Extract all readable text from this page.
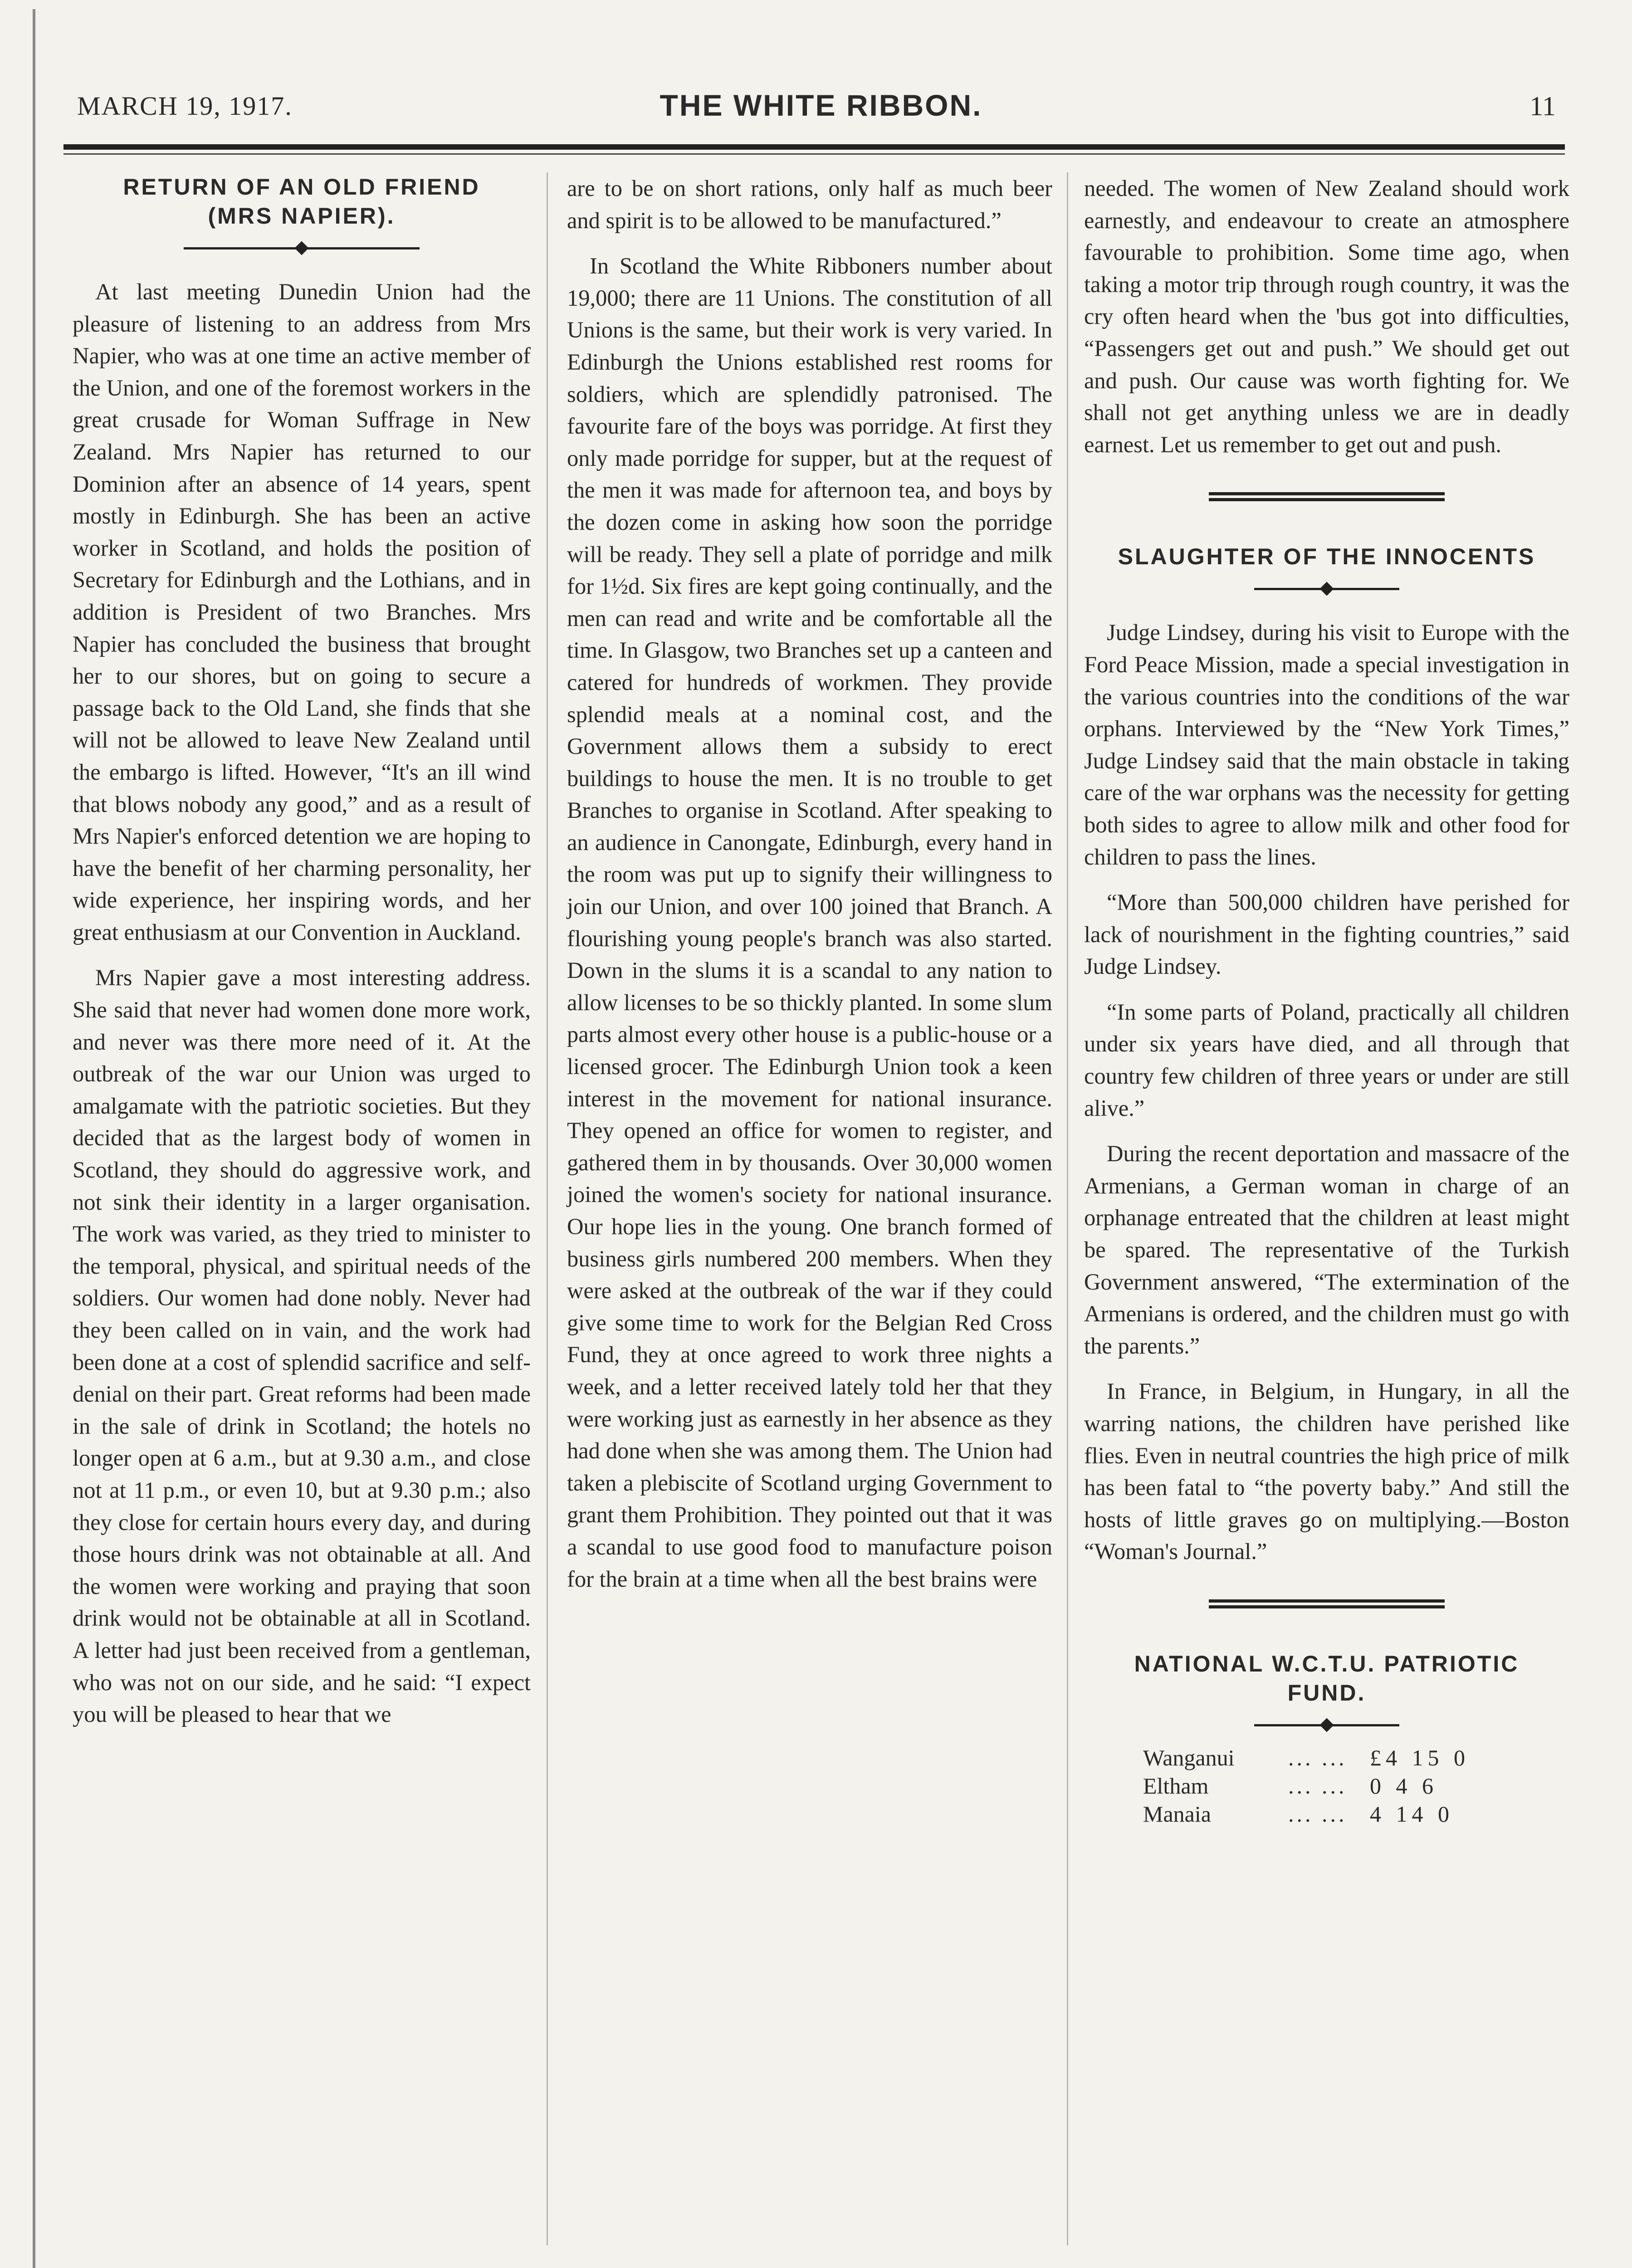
MARCH 19, 1917.	THE WHITE RIBBON.	11
RETURN OF AN OLD FRIEND
(MRS NAPIER).

At last meeting Dunedin Union had the pleasure of listening to an address from Mrs Napier, who was at one time an active member of the Union, and one of the foremost workers in the great crusade for Woman Suffrage in New Zealand. Mrs Napier has returned to our Dominion after an absence of 14 years, spent mostly in Edinburgh. She has been an active worker in Scotland, and holds the position of Secretary for Edinburgh and the Lothians, and in addition is President of two Branches. Mrs Napier has concluded the business that brought her to our shores, but on going to secure a passage back to the Old Land, she finds that she will not be allowed to leave New Zealand until the embargo is lifted. However, “It's an ill wind that blows nobody any good,” and as a result of Mrs Napier's enforced detention we are hoping to have the benefit of her charming personality, her wide experience, her inspiring words, and her great enthusiasm at our Convention in Auckland.

Mrs Napier gave a most interesting address. She said that never had women done more work, and never was there more need of it. At the outbreak of the war our Union was urged to amalgamate with the patriotic societies. But they decided that as the largest body of women in Scotland, they should do aggressive work, and not sink their identity in a larger organisation. The work was varied, as they tried to minister to the temporal, physical, and spiritual needs of the soldiers. Our women had done nobly. Never had they been called on in vain, and the work had been done at a cost of splendid sacrifice and self-denial on their part. Great reforms had been made in the sale of drink in Scotland; the hotels no longer open at 6 a.m., but at 9.30 a.m., and close not at 11 p.m., or even 10, but at 9.30 p.m.; also they close for certain hours every day, and during those hours drink was not obtainable at all. And the women were working and praying that soon drink would not be obtainable at all in Scotland. A letter had just been received from a gentleman, who was not on our side, and he said: “I expect you will be pleased to hear that we

are to be on short rations, only half as much beer and spirit is to be allowed to be manufactured.”

In Scotland the White Ribboners number about 19,000; there are 11 Unions. The constitution of all Unions is the same, but their work is very varied. In Edinburgh the Unions established rest rooms for soldiers, which are splendidly patronised. The favourite fare of the boys was porridge. At first they only made porridge for supper, but at the request of the men it was made for afternoon tea, and boys by the dozen come in asking how soon the porridge will be ready. They sell a plate of porridge and milk for 1½d. Six fires are kept going continually, and the men can read and write and be comfortable all the time. In Glasgow, two Branches set up a canteen and catered for hundreds of workmen. They provide splendid meals at a nominal cost, and the Government allows them a subsidy to erect buildings to house the men. It is no trouble to get Branches to organise in Scotland. After speaking to an audience in Canongate, Edinburgh, every hand in the room was put up to signify their willingness to join our Union, and over 100 joined that Branch. A flourishing young people's branch was also started. Down in the slums it is a scandal to any nation to allow licenses to be so thickly planted. In some slum parts almost every other house is a public-house or a licensed grocer. The Edinburgh Union took a keen interest in the movement for national insurance. They opened an office for women to register, and gathered them in by thousands. Over 30,000 women joined the women's society for national insurance. Our hope lies in the young. One branch formed of business girls numbered 200 members. When they were asked at the outbreak of the war if they could give some time to work for the Belgian Red Cross Fund, they at once agreed to work three nights a week, and a letter received lately told her that they were working just as earnestly in her absence as they had done when she was among them. The Union had taken a plebiscite of Scotland urging Government to grant them Prohibition. They pointed out that it was a scandal to use good food to manufacture poison for the brain at a time when all the best brains were

needed. The women of New Zealand should work earnestly, and endeavour to create an atmosphere favourable to prohibition. Some time ago, when taking a motor trip through rough country, it was the cry often heard when the 'bus got into difficulties, “Passengers get out and push.” We should get out and push. Our cause was worth fighting for. We shall not get anything unless we are in deadly earnest. Let us remember to get out and push.

SLAUGHTER OF THE INNOCENTS

Judge Lindsey, during his visit to Europe with the Ford Peace Mission, made a special investigation in the various countries into the conditions of the war orphans. Interviewed by the “New York Times,” Judge Lindsey said that the main obstacle in taking care of the war orphans was the necessity for getting both sides to agree to allow milk and other food for children to pass the lines.

“More than 500,000 children have perished for lack of nourishment in the fighting countries,” said Judge Lindsey.

“In some parts of Poland, practically all children under six years have died, and all through that country few children of three years or under are still alive.”

During the recent deportation and massacre of the Armenians, a German woman in charge of an orphanage entreated that the children at least might be spared. The representative of the Turkish Government answered, “The extermination of the Armenians is ordered, and the children must go with the parents.”

In France, in Belgium, in Hungary, in all the warring nations, the children have perished like flies. Even in neutral countries the high price of milk has been fatal to “the poverty baby.” And still the hosts of little graves go on multiplying.—Boston “Woman's Journal.”

NATIONAL W.C.T.U. PATRIOTIC
FUND.
Wanganui	... ...	£4 15 0
Eltham	... ...	0 4 6
Manaia	... ...	4 14 0
